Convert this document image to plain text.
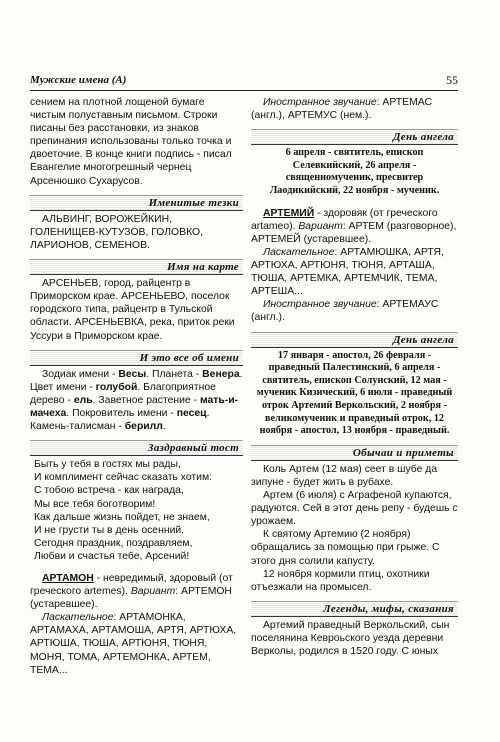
Мужские имена (А)	55

сением на плотной лощеной бумаге чистым полуставным письмом. Строки писаны без расстановки, из знаков препинания использованы только точка и двоеточие. В конце книги подпись - писал Евангелие многогрешный чернец Арсенюшко Сухарусов.

Именитые тезки

АЛЬВИНГ, ВОРОЖЕЙКИН, ГОЛЕНИЩЕВ-КУТУЗОВ, ГОЛОВКО, ЛАРИОНОВ, СЕМЕНОВ.

Имя на карте

АРСЕНЬЕВ, город, райцентр в Приморском крае. АРСЕНЬЕВО, поселок городского типа, райцентр в Тульской области. АРСЕНЬЕВКА, река, приток реки Уссури в Приморском крае.

И это все об имени

Зодиак имени - Весы. Планета - Венера. Цвет имени - голубой. Благоприятное дерево - ель. Заветное растение - мать-и-мачеха. Покровитель имени - песец. Камень-талисман - берилл.

Заздравный тост

Быть у тебя в гостях мы рады,

И комплимент сейчас сказать хотим:

С тобою встреча - как награда,

Мы все тебя боготворим!

Как дальше жизнь пойдет, не знаем,

И не грусти ты в день осенний.

Сегодня праздник, поздравляем,

Любви и счастья тебе, Арсений!

АРТАМОН - невредимый, здоровый (от греческого artemes). Вариант: АРТЕМОН (устаревшее).

Ласкательное: АРТАМОНКА, АРТАМАХА, АРТАМОША, АРТЯ, АРТЮХА, АРТЮША, ТЮША, АРТЮНЯ, ТЮНЯ, МОНЯ, ТОМА, АРТЕМОНКА, АРТЕМ, ТЕМА...

Иностранное звучание: АРТЕМАС (англ.), АРТЕМУС (нем.).

День ангела
6 апреля - святитель, епископ Селевкийский, 26 апреля - священномученик, пресвитер Лаодикийский, 22 ноября - мученик.

АРТЕМИЙ - здоровяк (от греческого artameo). Вариант: АРТЕМ (разговорное), АРТЕМЕЙ (устаревшее).

Ласкательное: АРТАМЮШКА, АРТЯ, АРТЮХА, АРТЮНЯ, ТЮНЯ, АРТАША, ТЮША, АРТЕМКА, АРТЕМЧИК, ТЕМА, АРТЕША...

Иностранное звучание: АРТЕМАУС (англ.).

День ангела
17 января - апостол, 26 февраля - праведный Палестинский, 6 апреля - святитель, епископ Солунский, 12 мая - мученик Кизический, 6 июля - праведный отрок Артемий Веркольский, 2 ноября - великомученик и праведный отрок, 12 ноября - апостол, 13 ноября - праведный.
Обычаи и приметы

Коль Артем (12 мая) сеет в шубе да зипуне - будет жить в рубахе.

Артем (6 июля) с Аграфеной купаются, радуются. Сей в этот день репу - будешь с урожаем.

К святому Артемию (2 ноября) обращались за помощью при грыже. С этого дня солили капусту.

12 ноября кормили птиц, охотники отъезжали на промысел.

Легенды, мифы, сказания

Артемий праведный Веркольский, сын поселянина Кевроьского уезда деревни Верколы, родился в 1520 году. С юных
